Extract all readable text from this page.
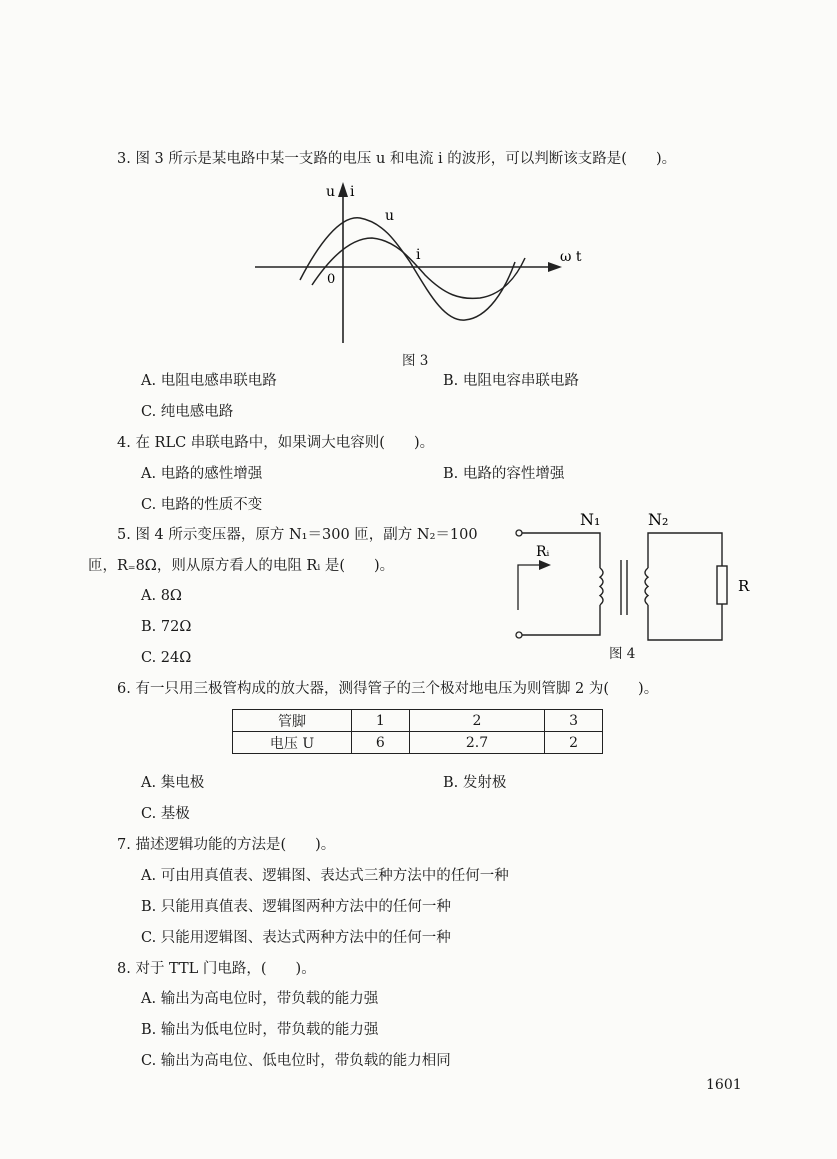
3. 图 3 所示是某电路中某一支路的电压 u 和电流 i 的波形，可以判断该支路是(　　)。
u i
ω t
0
u
i
图 3
A. 电阻电感串联电路	B. 电阻电容串联电路
C. 纯电感电路
4. 在 RLC 串联电路中，如果调大电容则(　　)。
A. 电路的感性增强	B. 电路的容性增强
C. 电路的性质不变
5. 图 4 所示变压器，原方 N₁＝300 匝，副方 N₂＝100
匝，R₌8Ω，则从原方看人的电阻 Rᵢ 是(　　)。
A. 8Ω
B. 72Ω
C. 24Ω
N₁	N₂
Rᵢ
R
图 4
6. 有一只用三极管构成的放大器，测得管子的三个极对地电压为则管脚 2 为(　　)。
管脚	1	2	3
电压 U	6	2.7	2
A. 集电极	B. 发射极
C. 基极
7. 描述逻辑功能的方法是(　　)。
A. 可由用真值表、逻辑图、表达式三种方法中的任何一种
B. 只能用真值表、逻辑图两种方法中的任何一种
C. 只能用逻辑图、表达式两种方法中的任何一种
8. 对于 TTL 门电路，(　　)。
A. 输出为高电位时，带负载的能力强
B. 输出为低电位时，带负载的能力强
C. 输出为高电位、低电位时，带负载的能力相同
1601
